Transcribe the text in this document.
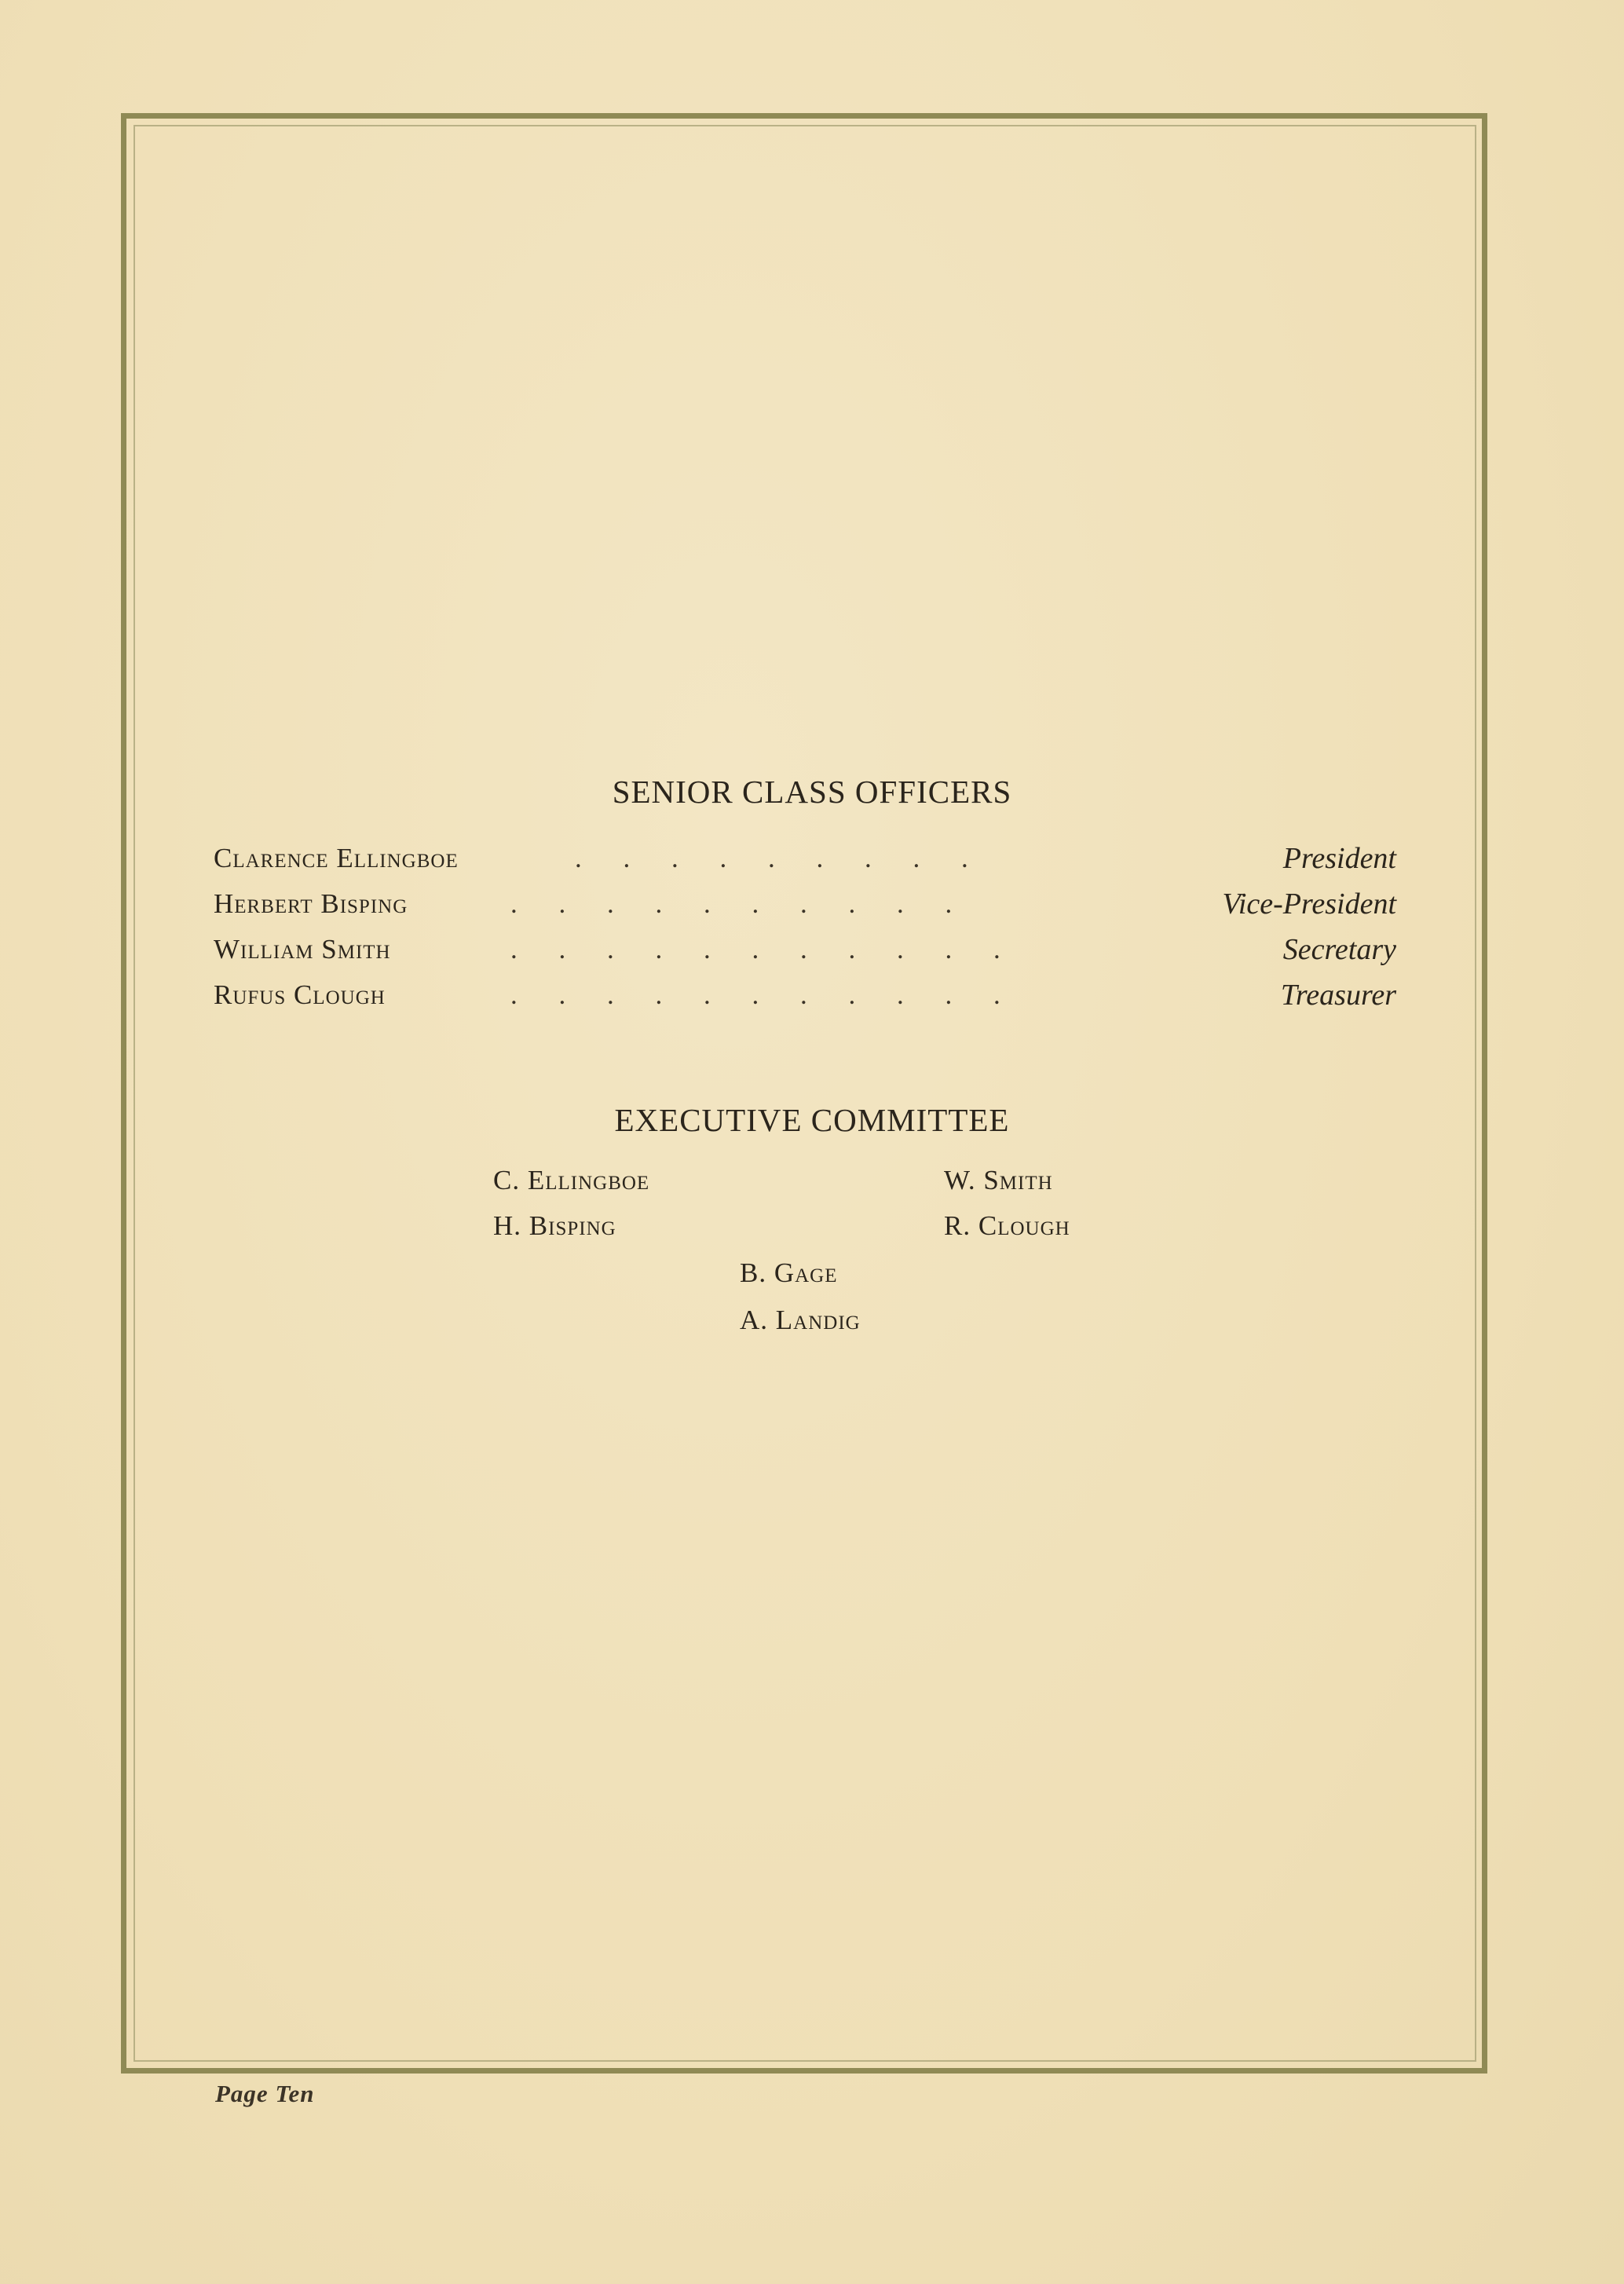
SENIOR CLASS OFFICERS
Clarence Ellingboe	. . . . . . . . .	President
Herbert Bisping	. . . . . . . . . .	Vice-President
William Smith	. . . . . . . . . . .	Secretary
Rufus Clough	. . . . . . . . . . .	Treasurer
EXECUTIVE COMMITTEE
C. Ellingboe	W. Smith
H. Bisping	R. Clough
B. Gage
A. Landig
Page Ten
